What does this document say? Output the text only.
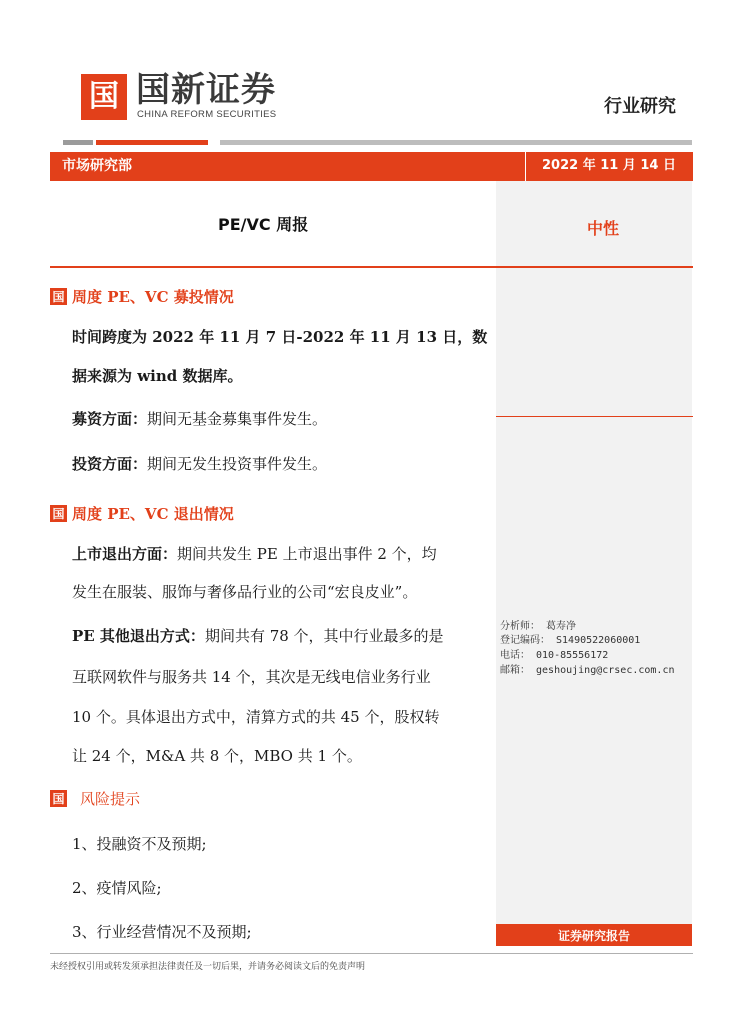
国 国新证券
CHINA REFORM SECURITIES	行业研究
市场研究部	2022 年 11 月 14 日
PE/VC 周报	中性
国 周度 PE、VC 募投情况
时间跨度为 2022 年 11 月 7 日-2022 年 11 月 13 日，数
据来源为 wind 数据库。
募资方面：期间无基金募集事件发生。
投资方面：期间无发生投资事件发生。
国 周度 PE、VC 退出情况
上市退出方面：期间共发生 PE 上市退出事件 2 个，均
发生在服装、服饰与奢侈品行业的公司“宏良皮业”。
PE 其他退出方式：期间共有 78 个，其中行业最多的是
互联网软件与服务共 14 个，其次是无线电信业务行业
10 个。具体退出方式中，清算方式的共 45 个，股权转
让 24 个，M&A 共 8 个，MBO 共 1 个。
国 风险提示
1、投融资不及预期;
2、疫情风险;
3、行业经营情况不及预期;
分析师： 葛寿净
登记编码： S1490522060001
电话： 010-85556172
邮箱： geshoujing@crsec.com.cn
证券研究报告
未经授权引用或转发须承担法律责任及一切后果，并请务必阅读文后的免责声明
